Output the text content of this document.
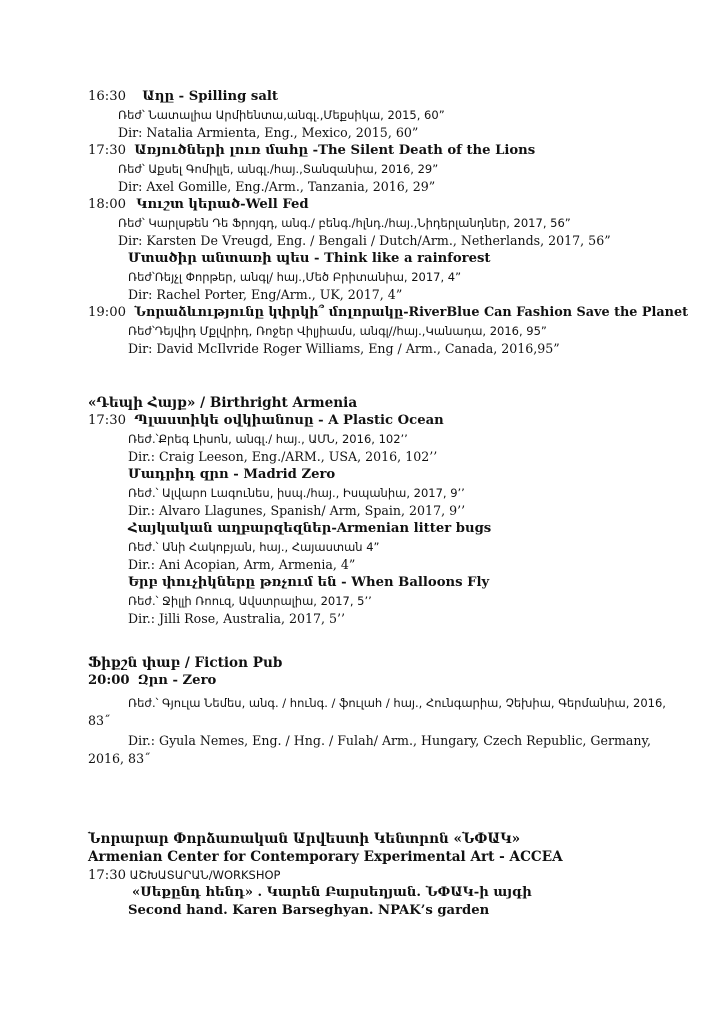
16:30 Աղը - Spilling salt
Ռեժ՝ Նատալիա Արմիենտա,անգլ.,Մեքսիկա, 2015, 60”
Dir: Natalia Armienta, Eng., Mexico, 2015, 60”
17:30 Առյուծների լուռ մահը -The Silent Death of the Lions
Ռեժ՝ Աքսել Գոմիլլե, անգլ./հայ.,Տանզանիա, 2016, 29”
Dir: Axel Gomille, Eng./Arm., Tanzania, 2016, 29”
18:00 Կուշտ կերած-Well Fed
Ռեժ՝ Կարլսթեն Դե Ֆրոյգդ, անգ./ բենգ./հլնդ./հայ.,Նիդերլանդներ, 2017, 56”
Dir: Karsten De Vreugd, Eng. / Bengali / Dutch/Arm., Netherlands, 2017, 56”
Մտածիր անտառի պես - Think like a rainforest
Ռեժ՝Ռեյչլ Փորթեր, անգլ/ հայ.,Մեծ Բրիտանիա, 2017, 4”
Dir: Rachel Porter, Eng/Arm., UK, 2017, 4”
19:00 Նորաձևությունը կփրկի՞ մոլորակը-RiverBlue Can Fashion Save the Planet
Ռեժ՝Դեյվիդ Մքլվրիդ, Ռոջեր Վիլյիամս, անգլ//հայ.,Կանադա, 2016, 95”
Dir: David McIlvride Roger Williams, Eng / Arm., Canada, 2016,95”
«Դեպի Հայք» / Birthright Armenia
17:30 Պլաստիկե օվկիանոսը - A Plastic Ocean
Ռեժ.՝Քրեգ Լիսոն, անգլ./ հայ., ԱՄՆ, 2016, 102’’
Dir.: Craig Leeson, Eng./ARM., USA, 2016, 102’’
Մադրիդ զրո - Madrid Zero
Ռեժ.՝ Ալվարո Լագունես, իսպ./հայ., Իսպանիա, 2017, 9’’
Dir.: Alvaro Llagunes, Spanish/ Arm, Spain, 2017, 9’’
Հայկական աղբարզեզներ-Armenian litter bugs
Ռեժ.՝ Անի Հակոբյան, հայ., Հայաստան 4”
Dir.: Ani Acopian, Arm, Armenia, 4”
Երբ փուչիկները թռչում են - When Balloons Fly
Ռեժ.՝ Ջիլլի Ռոուզ, Ավստրալիա, 2017, 5’’
Dir.: Jilli Rose, Australia, 2017, 5’’
Ֆիքշն փաբ / Fiction Pub
20:00 Զրո - Zero
Ռեժ.՝ Գյուլա Նեմես, անգ. / հունգ. / ֆուլահ / հայ., Հունգարիա, Չեխիա, Գերմանիա, 2016,
83˝
Dir.: Gyula Nemes, Eng. / Hng. / Fulah/ Arm., Hungary, Czech Republic, Germany,
2016, 83˝
Նորարար Փորձառական Արվեստի Կենտրոն «ՆՓԱԿ»
Armenian Center for Contemporary Experimental Art - ACCEA
17:30 ԱՇԽԱՏԱՐԱՆ/WORKSHOP
«Սեքընդ հենդ» . Կարեն Բարսեղյան. ՆՓԱԿ-ի այգի
Second hand. Karen Barseghyan. NPAK’s garden
